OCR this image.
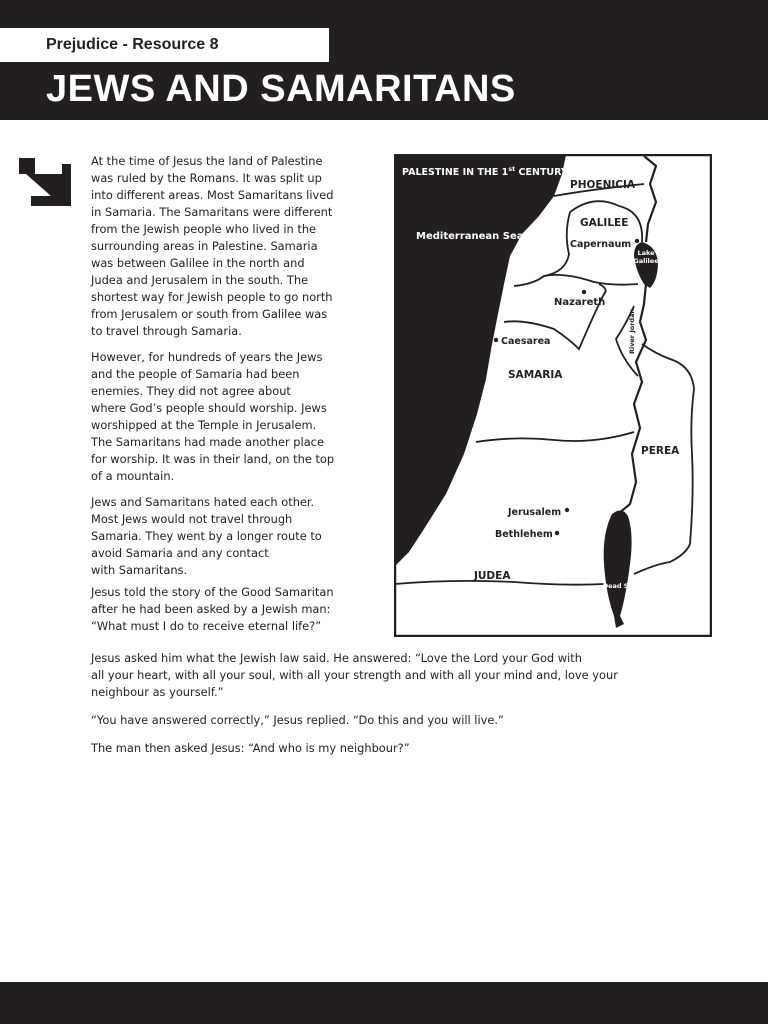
Prejudice - Resource 8
JEWS AND SAMARITANS

At the time of Jesus the land of Palestine
was ruled by the Romans. It was split up
into different areas. Most Samaritans lived
in Samaria. The Samaritans were different
from the Jewish people who lived in the
surrounding areas in Palestine. Samaria
was between Galilee in the north and
Judea and Jerusalem in the south. The
shortest way for Jewish people to go north
from Jerusalem or south from Galilee was
to travel through Samaria.

However, for hundreds of years the Jews
and the people of Samaria had been
enemies. They did not agree about
where God’s people should worship. Jews
worshipped at the Temple in Jerusalem.
The Samaritans had made another place
for worship. It was in their land, on the top
of a mountain.

Jews and Samaritans hated each other.
Most Jews would not travel through
Samaria. They went by a longer route to
avoid Samaria and any contact
with Samaritans.

Jesus told the story of the Good Samaritan
after he had been asked by a Jewish man:
“What must I do to receive eternal life?”

PALESTINE IN THE 1st CENTURY
PHOENICIA
GALILEE
Mediterranean Sea
Capernaum
Lake
Galilee
Nazareth
River Jordan
Caesarea
SAMARIA
PEREA
Jerusalem
Bethlehem
JUDEA
Dead Sea

Jesus asked him what the Jewish law said. He answered: “Love the Lord your God with
all your heart, with all your soul, with all your strength and with all your mind and, love your
neighbour as yourself.”

“You have answered correctly,” Jesus replied. “Do this and you will live.”

The man then asked Jesus: “And who is my neighbour?”
